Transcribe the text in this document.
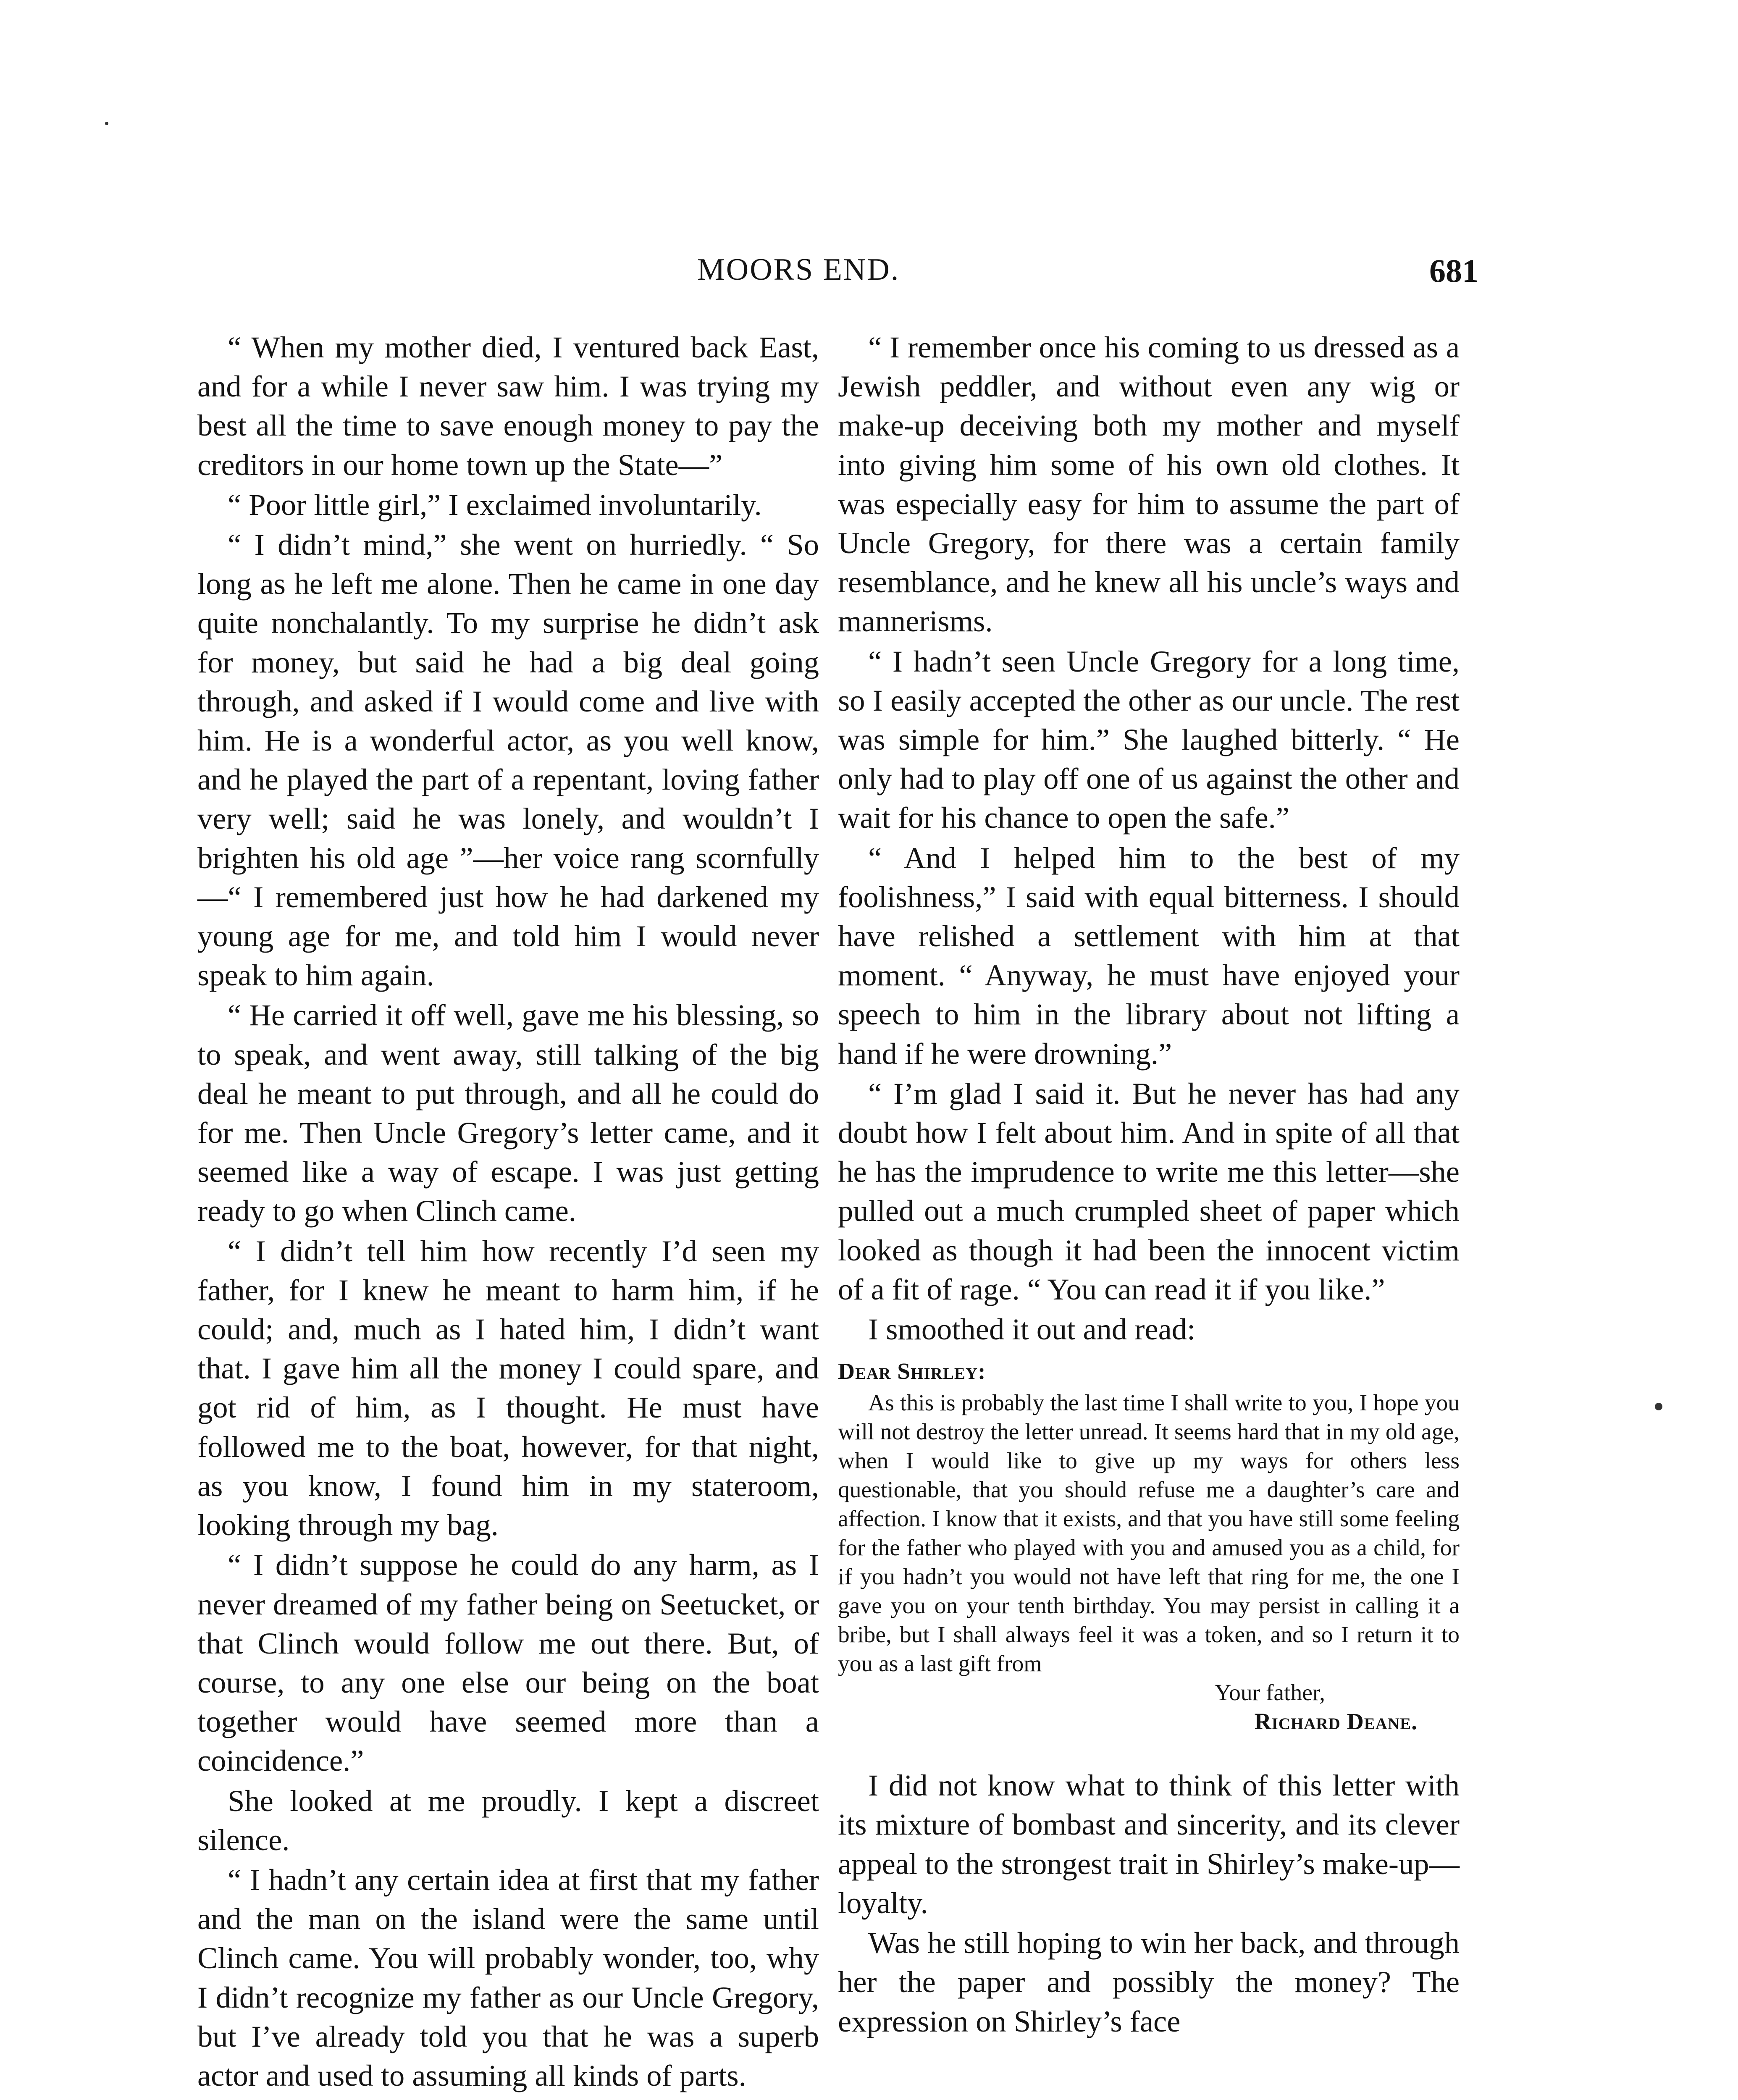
MOORS END.	681

“ When my mother died, I ventured back East, and for a while I never saw him. I was trying my best all the time to save enough money to pay the creditors in our home town up the State—”

“ Poor little girl,” I exclaimed involuntarily.

“ I didn’t mind,” she went on hurriedly. “ So long as he left me alone. Then he came in one day quite nonchalantly. To my surprise he didn’t ask for money, but said he had a big deal going through, and asked if I would come and live with him. He is a wonderful actor, as you well know, and he played the part of a repentant, loving father very well; said he was lonely, and wouldn’t I brighten his old age ”—her voice rang scornfully—“ I remembered just how he had darkened my young age for me, and told him I would never speak to him again.

“ He carried it off well, gave me his blessing, so to speak, and went away, still talking of the big deal he meant to put through, and all he could do for me. Then Uncle Gregory’s letter came, and it seemed like a way of escape. I was just getting ready to go when Clinch came.

“ I didn’t tell him how recently I’d seen my father, for I knew he meant to harm him, if he could; and, much as I hated him, I didn’t want that. I gave him all the money I could spare, and got rid of him, as I thought. He must have followed me to the boat, however, for that night, as you know, I found him in my stateroom, looking through my bag.

“ I didn’t suppose he could do any harm, as I never dreamed of my father being on Seetucket, or that Clinch would follow me out there. But, of course, to any one else our being on the boat together would have seemed more than a coincidence.”

She looked at me proudly. I kept a discreet silence.

“ I hadn’t any certain idea at first that my father and the man on the island were the same until Clinch came. You will probably wonder, too, why I didn’t recognize my father as our Uncle Gregory, but I’ve already told you that he was a superb actor and used to assuming all kinds of parts.

“ I remember once his coming to us dressed as a Jewish peddler, and without even any wig or make-up deceiving both my mother and myself into giving him some of his own old clothes. It was especially easy for him to assume the part of Uncle Gregory, for there was a certain family resemblance, and he knew all his uncle’s ways and mannerisms.

“ I hadn’t seen Uncle Gregory for a long time, so I easily accepted the other as our uncle. The rest was simple for him.” She laughed bitterly. “ He only had to play off one of us against the other and wait for his chance to open the safe.”

“ And I helped him to the best of my foolishness,” I said with equal bitterness. I should have relished a settlement with him at that moment. “ Anyway, he must have enjoyed your speech to him in the library about not lifting a hand if he were drowning.”

“ I’m glad I said it. But he never has had any doubt how I felt about him. And in spite of all that he has the imprudence to write me this letter—she pulled out a much crumpled sheet of paper which looked as though it had been the innocent victim of a fit of rage. “ You can read it if you like.”

I smoothed it out and read:

Dear Shirley:

As this is probably the last time I shall write to you, I hope you will not destroy the letter unread. It seems hard that in my old age, when I would like to give up my ways for others less questionable, that you should refuse me a daughter’s care and affection. I know that it exists, and that you have still some feeling for the father who played with you and amused you as a child, for if you hadn’t you would not have left that ring for me, the one I gave you on your tenth birthday. You may persist in calling it a bribe, but I shall always feel it was a token, and so I return it to you as a last gift from

Your father,

Richard Deane.

I did not know what to think of this letter with its mixture of bombast and sincerity, and its clever appeal to the strongest trait in Shirley’s make-up—loyalty.

Was he still hoping to win her back, and through her the paper and possibly the money? The expression on Shirley’s face
